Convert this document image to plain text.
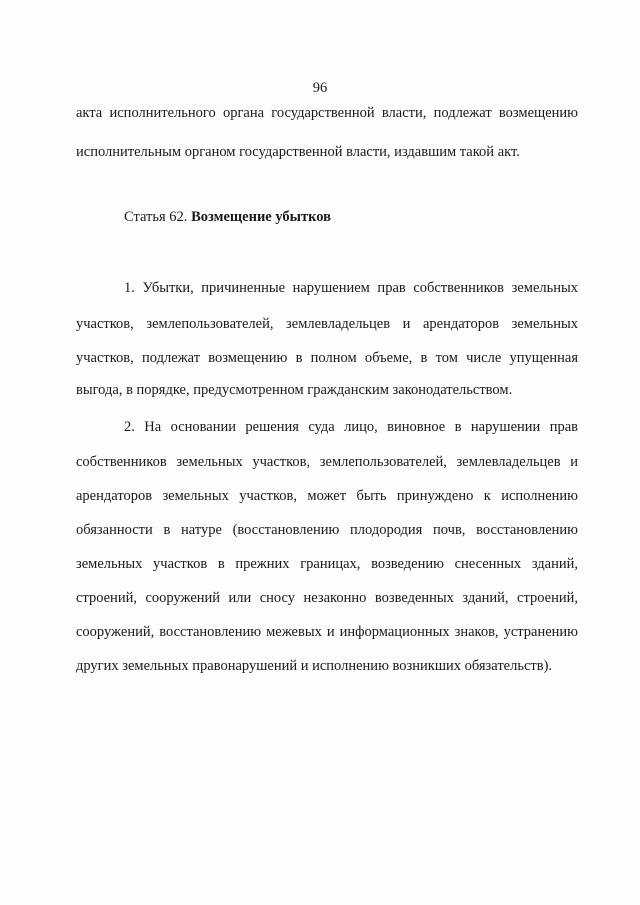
96
акта исполнительного органа государственной власти, подлежат возмещению
исполнительным органом государственной власти, издавшим такой акт.
Статья 62. Возмещение убытков
1. Убытки, причиненные нарушением прав собственников земельных
участков, землепользователей, землевладельцев и арендаторов земельных
участков, подлежат возмещению в полном объеме, в том числе упущенная
выгода, в порядке, предусмотренном гражданским законодательством.
2. На основании решения суда лицо, виновное в нарушении прав
собственников земельных участков, землепользователей, землевладельцев и
арендаторов земельных участков, может быть принуждено к исполнению
обязанности в натуре (восстановлению плодородия почв, восстановлению
земельных участков в прежних границах, возведению снесенных зданий,
строений, сооружений или сносу незаконно возведенных зданий, строений,
сооружений, восстановлению межевых и информационных знаков, устранению
других земельных правонарушений и исполнению возникших обязательств).
